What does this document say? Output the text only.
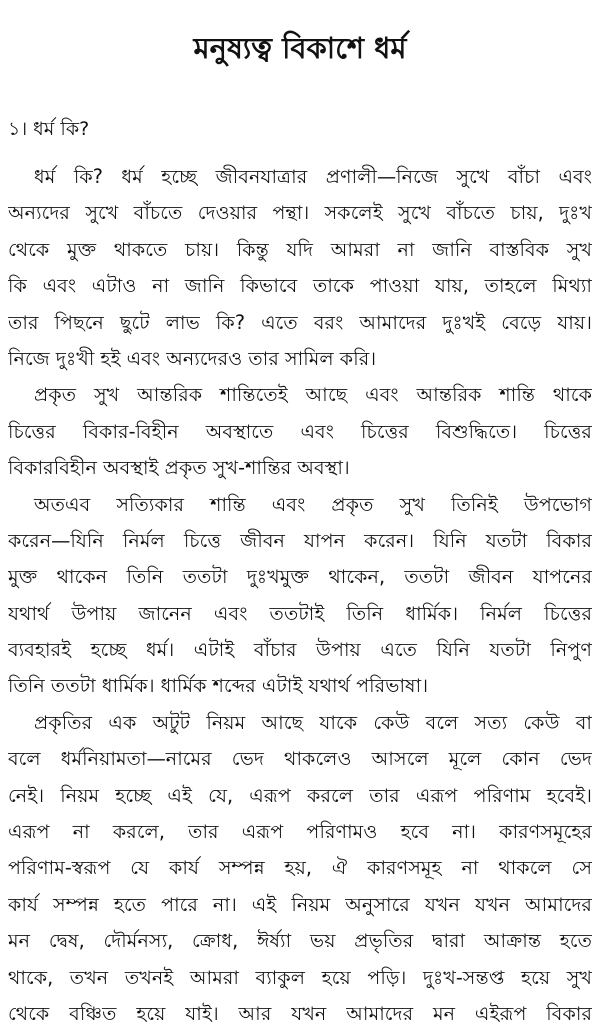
মনুষ্যত্ব বিকাশে ধর্ম
১। ধর্ম কি?

ধর্ম কি? ধর্ম হচ্ছে জীবনযাত্রার প্রণালী—নিজে সুখে বাঁচা এবং
অন্যদের সুখে বাঁচতে দেওয়ার পন্থা। সকলেই সুখে বাঁচতে চায়, দুঃখ
থেকে মুক্ত থাকতে চায়। কিন্তু যদি আমরা না জানি বাস্তবিক সুখ
কি এবং এটাও না জানি কিভাবে তাকে পাওয়া যায়, তাহলে মিথ্যা
তার পিছনে ছুটে লাভ কি? এতে বরং আমাদের দুঃখই বেড়ে যায়।
নিজে দুঃখী হই এবং অন্যদেরও তার সামিল করি।

প্রকৃত সুখ আন্তরিক শান্তিতেই আছে এবং আন্তরিক শান্তি থাকে
চিত্তের বিকার-বিহীন অবস্থাতে এবং চিত্তের বিশুদ্ধিতে। চিত্তের
বিকারবিহীন অবস্থাই প্রকৃত সুখ-শান্তির অবস্থা।

অতএব সত্যিকার শান্তি এবং প্রকৃত সুখ তিনিই উপভোগ
করেন—যিনি নির্মল চিত্তে জীবন যাপন করেন। যিনি যতটা বিকার
মুক্ত থাকেন তিনি ততটা দুঃখমুক্ত থাকেন, ততটা জীবন যাপনের
যথার্থ উপায় জানেন এবং ততটাই তিনি ধার্মিক। নির্মল চিত্তের
ব্যবহারই হচ্ছে ধর্ম। এটাই বাঁচার উপায় এতে যিনি যতটা নিপুণ
তিনি ততটা ধার্মিক। ধার্মিক শব্দের এটাই যথার্থ পরিভাষা।

প্রকৃতির এক অটুট নিয়ম আছে যাকে কেউ বলে সত্য কেউ বা
বলে ধর্মনিয়ামতা—নামের ভেদ থাকলেও আসলে মূলে কোন ভেদ
নেই। নিয়ম হচ্ছে এই যে, এরূপ করলে তার এরূপ পরিণাম হবেই।
এরূপ না করলে, তার এরূপ পরিণামও হবে না। কারণসমূহের
পরিণাম-স্বরূপ যে কার্য সম্পন্ন হয়, ঐ কারণসমূহ না থাকলে সে
কার্য সম্পন্ন হতে পারে না। এই নিয়ম অনুসারে যখন যখন আমাদের
মন দ্বেষ, দৌর্মনস্য, ক্রোধ, ঈর্ষ্যা ভয় প্রভৃতির দ্বারা আক্রান্ত হতে
থাকে, তখন তখনই আমরা ব্যাকুল হয়ে পড়ি। দুঃখ-সন্তপ্ত হয়ে সুখ
থেকে বঞ্চিত হয়ে যাই। আর যখন আমাদের মন এইরূপ বিকার
